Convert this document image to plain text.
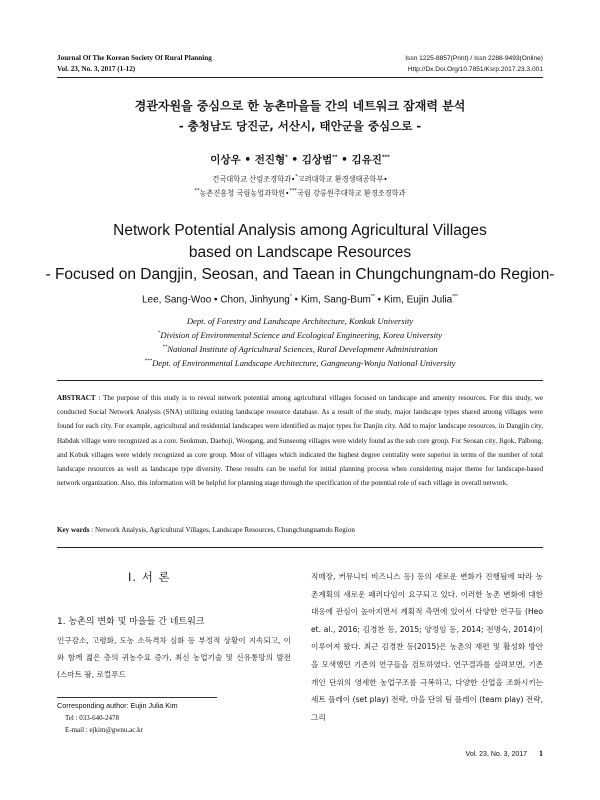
Journal Of The Korean Society Of Rural Planning
Vol. 23, No. 3, 2017 (1-12)
Issn 1225-8857(Print) / Issn 2288-9493(Online)
Http://Dx.Doi.Org/10.7851/Ksrp.2017.23.3.001
경관자원을 중심으로 한 농촌마을들 간의 네트워크 잠재력 분석
- 충청남도 당진군, 서산시, 태안군을 중심으로 -
이상우 • 전진형* • 김상범** • 김유진***
건국대학교 산림조경학과•*고려대학교 환경생태공학부•
**농촌진흥청 국립농업과학원•***국립 강릉원주대학교 환경조경학과
Network Potential Analysis among Agricultural Villages
based on Landscape Resources
- Focused on Dangjin, Seosan, and Taean in Chungchungnam-do Region-
Lee, Sang-Woo • Chon, Jinhyung* • Kim, Sang-Bum** • Kim, Eujin Julia***
Dept. of Forestry and Landscape Architecture, Konkuk University
*Division of Environmental Science and Ecological Engineering, Korea University
**National Institute of Agricultural Sciences, Rural Development Administration
***Dept. of Environmental Landscape Architecture, Gangneung-Wonju National University
ABSTRACT : The purpose of this study is to reveal network potential among agricultural villages focused on landscape and amenity resources. For this study, we conducted Social Network Analysis (SNA) utilizing existing landscape resource database. As a result of the study, major landscape types shared among villages were found for each city. For example, agricultural and residential landscapes were identified as major types for Danjin city. Add to major landscape resources, in Dangjin city, Habduk village were recognized as a core. Seokmun, Daehoji, Woogang, and Sunseong villages were widely found as the sub core group. For Seosan city, Jigok, Palbong, and Kobuk villages were widely recognized as core group. Most of villages which indicated the highest degree centrality were superior in terms of the number of total landscape resources as well as landscape type diversity. These results can be useful for initial planning process when considering major theme for landscape-based network organization. Also, this information will be helpful for planning stage through the specification of the potential role of each village in overall network.
Key words : Network Analysis, Agricultural Villages, Landscape Resources, Chungchungnamdo Region
I. 서 론
1. 농촌의 변화 및 마을들 간 네트워크
인구감소, 고령화, 도농 소득격차 심화 등 부정적 상황이 지속되고, 이와 함께 젊은 층의 귀농수요 증가, 최신 농업기술 및 신유통망의 발전 (스마트 팜, 로컬푸드
직매장, 커뮤니티 비즈니스 등) 등의 새로운 변화가 진행됨에 따라 농촌계획의 새로운 패러다임이 요구되고 있다. 이러한 농촌 변화에 대한 대응에 관심이 높아지면서 계획적 측면에 있어서 다양한 연구들 (Heo et. al., 2016; 김경찬 등, 2015; 양정임 등, 2014; 전명숙, 2014)이 이루어져 왔다. 최근 김경찬 등(2015)은 농촌의 재편 및 활성화 방안을 모색했던 기존의 연구들을 검토하였다. 연구결과를 살펴보면, 기존 개인 단위의 영세한 농업구조를 극복하고, 다양한 산업을 조화시키는 세트 플레이 (set play) 전략, 마을 단위 팀 플레이 (team play) 전략, 그리
Corresponding author: Eujin Julia Kim
Tel : 033-640-2478
E-mail : ejkim@gwnu.ac.kr
Vol. 23, No. 3, 2017 1
